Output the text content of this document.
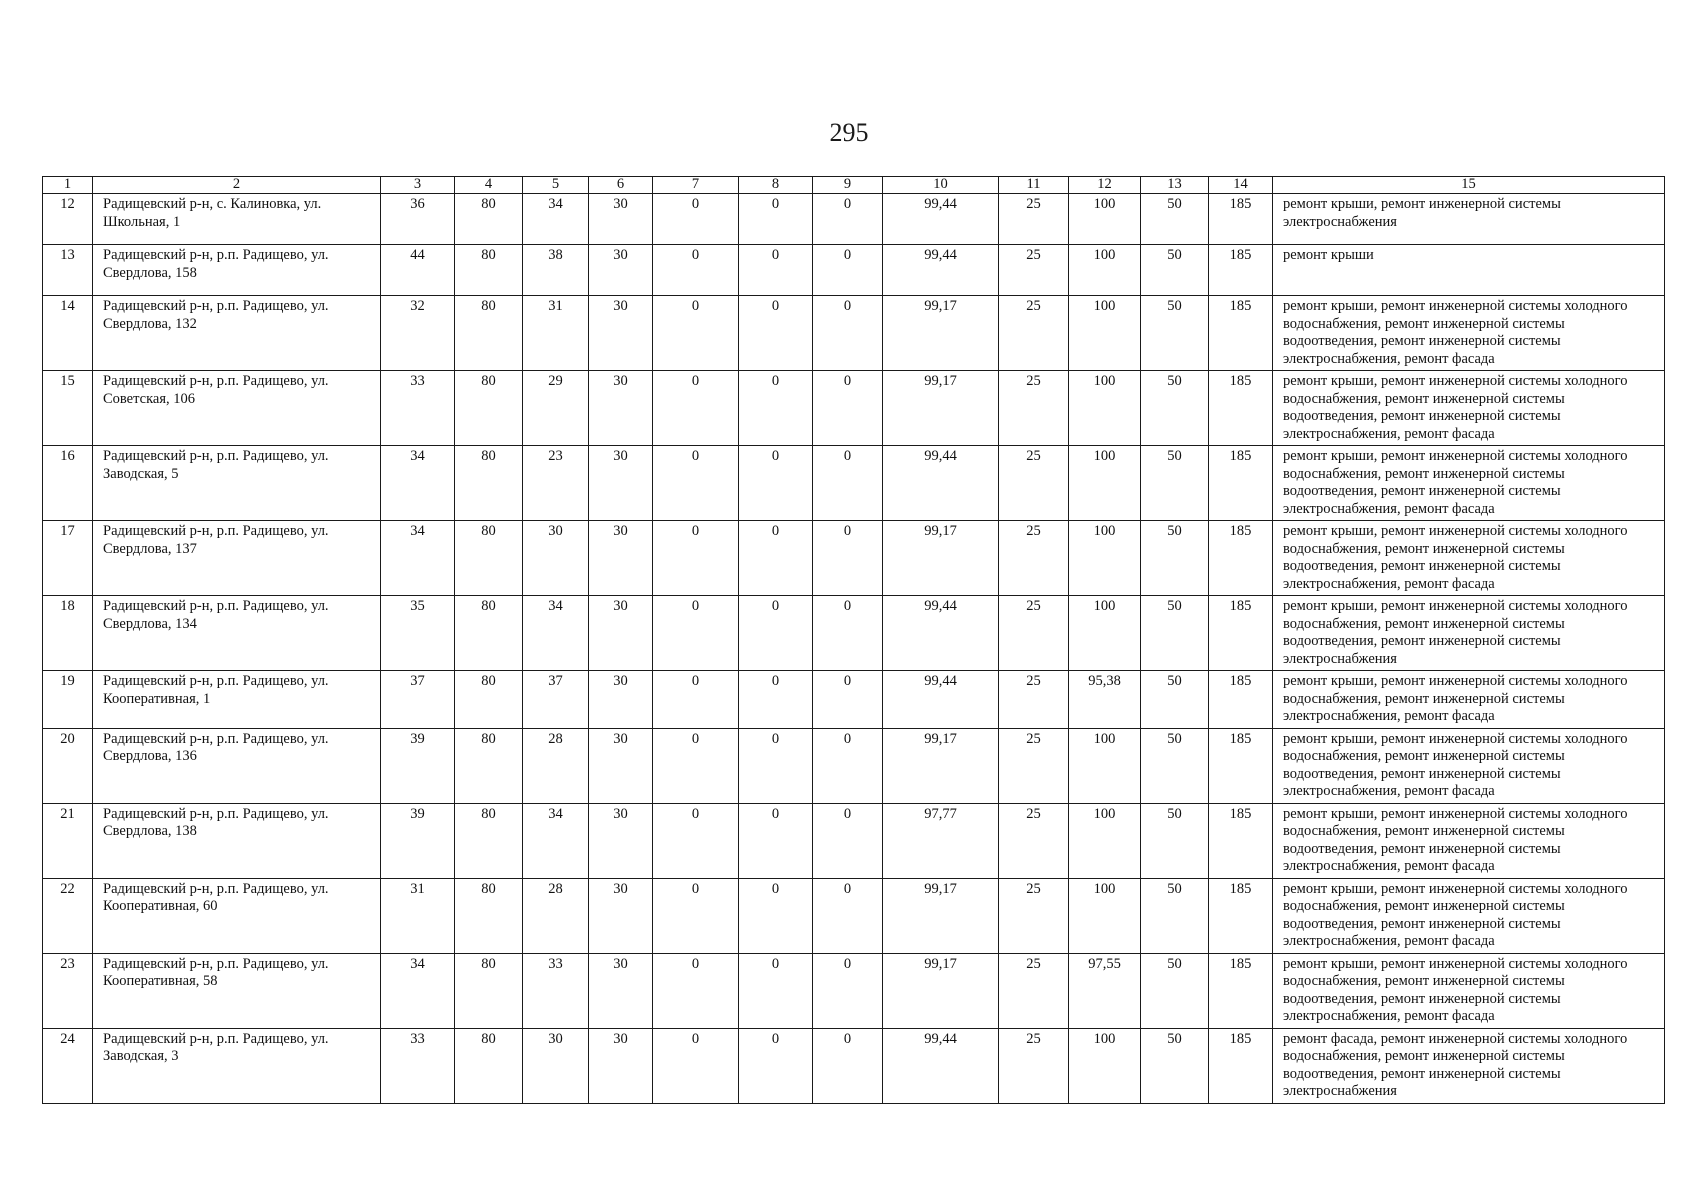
295
1	2	3	4	5	6	7	8	9	10	11	12	13	14	15
12	Радищевский р-н, с. Калиновка, ул. Школьная, 1	36	80	34	30	0	0	0	99,44	25	100	50	185	ремонт крыши, ремонт инженерной системы электроснабжения
13	Радищевский р-н, р.п. Радищево, ул. Свердлова, 158	44	80	38	30	0	0	0	99,44	25	100	50	185	ремонт крыши
14	Радищевский р-н, р.п. Радищево, ул. Свердлова, 132	32	80	31	30	0	0	0	99,17	25	100	50	185	ремонт крыши, ремонт инженерной системы холодного водоснабжения, ремонт инженерной системы водоотведения, ремонт инженерной системы электроснабжения, ремонт фасада
15	Радищевский р-н, р.п. Радищево, ул. Советская, 106	33	80	29	30	0	0	0	99,17	25	100	50	185	ремонт крыши, ремонт инженерной системы холодного водоснабжения, ремонт инженерной системы водоотведения, ремонт инженерной системы электроснабжения, ремонт фасада
16	Радищевский р-н, р.п. Радищево, ул. Заводская, 5	34	80	23	30	0	0	0	99,44	25	100	50	185	ремонт крыши, ремонт инженерной системы холодного водоснабжения, ремонт инженерной системы водоотведения, ремонт инженерной системы электроснабжения, ремонт фасада
17	Радищевский р-н, р.п. Радищево, ул. Свердлова, 137	34	80	30	30	0	0	0	99,17	25	100	50	185	ремонт крыши, ремонт инженерной системы холодного водоснабжения, ремонт инженерной системы водоотведения, ремонт инженерной системы электроснабжения, ремонт фасада
18	Радищевский р-н, р.п. Радищево, ул. Свердлова, 134	35	80	34	30	0	0	0	99,44	25	100	50	185	ремонт крыши, ремонт инженерной системы холодного водоснабжения, ремонт инженерной системы водоотведения, ремонт инженерной системы электроснабжения
19	Радищевский р-н, р.п. Радищево, ул. Кооперативная, 1	37	80	37	30	0	0	0	99,44	25	95,38	50	185	ремонт крыши, ремонт инженерной системы холодного водоснабжения, ремонт инженерной системы электроснабжения, ремонт фасада
20	Радищевский р-н, р.п. Радищево, ул. Свердлова, 136	39	80	28	30	0	0	0	99,17	25	100	50	185	ремонт крыши, ремонт инженерной системы холодного водоснабжения, ремонт инженерной системы водоотведения, ремонт инженерной системы электроснабжения, ремонт фасада
21	Радищевский р-н, р.п. Радищево, ул. Свердлова, 138	39	80	34	30	0	0	0	97,77	25	100	50	185	ремонт крыши, ремонт инженерной системы холодного водоснабжения, ремонт инженерной системы водоотведения, ремонт инженерной системы электроснабжения, ремонт фасада
22	Радищевский р-н, р.п. Радищево, ул. Кооперативная, 60	31	80	28	30	0	0	0	99,17	25	100	50	185	ремонт крыши, ремонт инженерной системы холодного водоснабжения, ремонт инженерной системы водоотведения, ремонт инженерной системы электроснабжения, ремонт фасада
23	Радищевский р-н, р.п. Радищево, ул. Кооперативная, 58	34	80	33	30	0	0	0	99,17	25	97,55	50	185	ремонт крыши, ремонт инженерной системы холодного водоснабжения, ремонт инженерной системы водоотведения, ремонт инженерной системы электроснабжения, ремонт фасада
24	Радищевский р-н, р.п. Радищево, ул. Заводская, 3	33	80	30	30	0	0	0	99,44	25	100	50	185	ремонт фасада, ремонт инженерной системы холодного водоснабжения, ремонт инженерной системы водоотведения, ремонт инженерной системы электроснабжения
